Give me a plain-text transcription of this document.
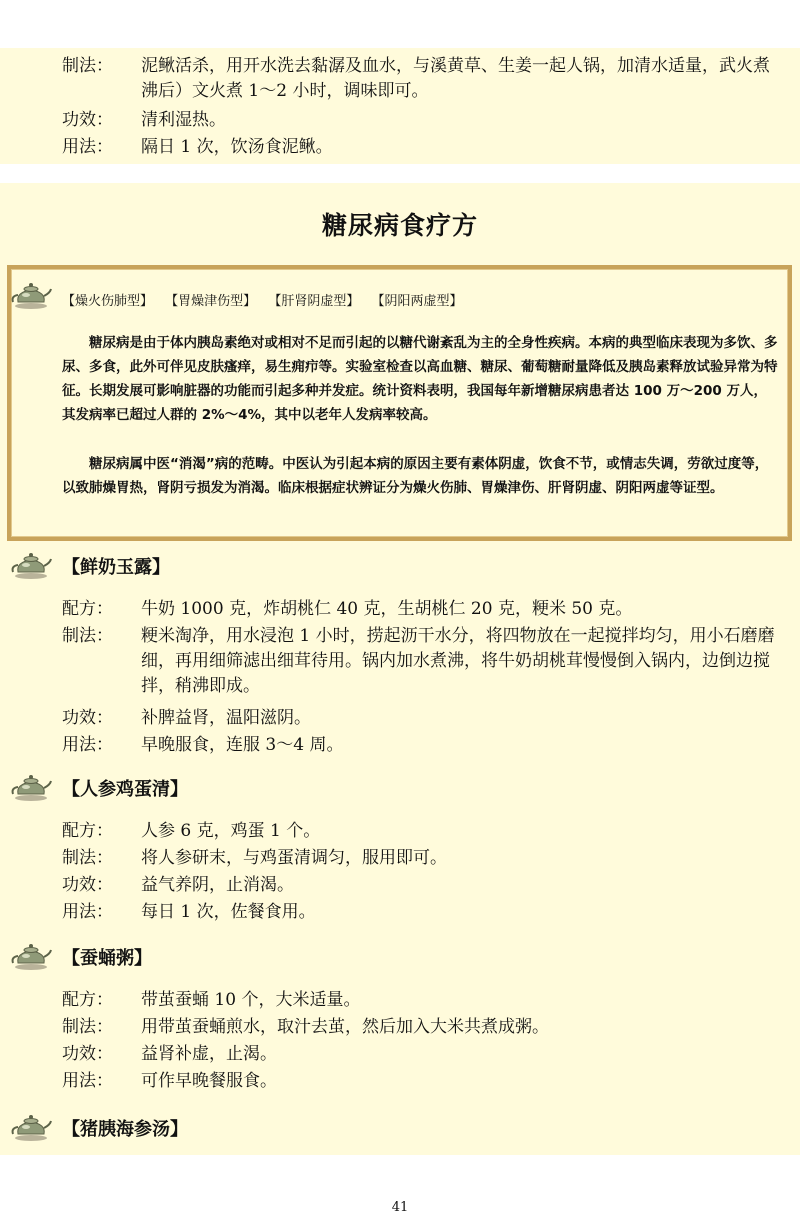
制法：	泥鳅活杀，用开水洗去黏潺及血水，与溪黄草、生姜一起人锅，加清水适量，武火煮沸后）文火煮 1～2 小时，调味即可。
功效：	清利湿热。
用法：	隔日 1 次，饮汤食泥鳅。
糖尿病食疗方
【燥火伤肺型】 【胃燥津伤型】 【肝肾阴虚型】 【阴阳两虚型】
糖尿病是由于体内胰岛素绝对或相对不足而引起的以糖代谢紊乱为主的全身性疾病。本病的典型临床表现为多饮、多尿、多食，此外可伴见皮肤瘙痒，易生痈疖等。实验室检查以高血糖、糖尿、葡萄糖耐量降低及胰岛素释放试验异常为特征。长期发展可影响脏器的功能而引起多种并发症。统计资料表明，我国每年新增糖尿病患者达 100 万～200 万人，其发病率已超过人群的 2%～4%，其中以老年人发病率较高。
糖尿病属中医“消渴”病的范畴。中医认为引起本病的原因主要有素体阴虚，饮食不节，或情志失调，劳欲过度等，以致肺燥胃热，肾阴亏损发为消渴。临床根据症状辨证分为燥火伤肺、胃燥津伤、肝肾阴虚、阴阳两虚等证型。
【鲜奶玉露】
配方：	牛奶 1000 克，炸胡桃仁 40 克，生胡桃仁 20 克，粳米 50 克。
制法：	粳米淘净，用水浸泡 1 小时，捞起沥干水分，将四物放在一起搅拌均匀，用小石磨磨细，再用细筛滤出细茸待用。锅内加水煮沸，将牛奶胡桃茸慢慢倒入锅内，边倒边搅拌，稍沸即成。
功效：	补脾益肾，温阳滋阴。
用法：	早晚服食，连服 3～4 周。
【人参鸡蛋清】
配方：	人参 6 克，鸡蛋 1 个。
制法：	将人参研末，与鸡蛋清调匀，服用即可。
功效：	益气养阴，止消渴。
用法：	每日 1 次，佐餐食用。
【蚕蛹粥】
配方：	带茧蚕蛹 10 个，大米适量。
制法：	用带茧蚕蛹煎水，取汁去茧，然后加入大米共煮成粥。
功效：	益肾补虚，止渴。
用法：	可作早晚餐服食。
【猪胰海参汤】
41
